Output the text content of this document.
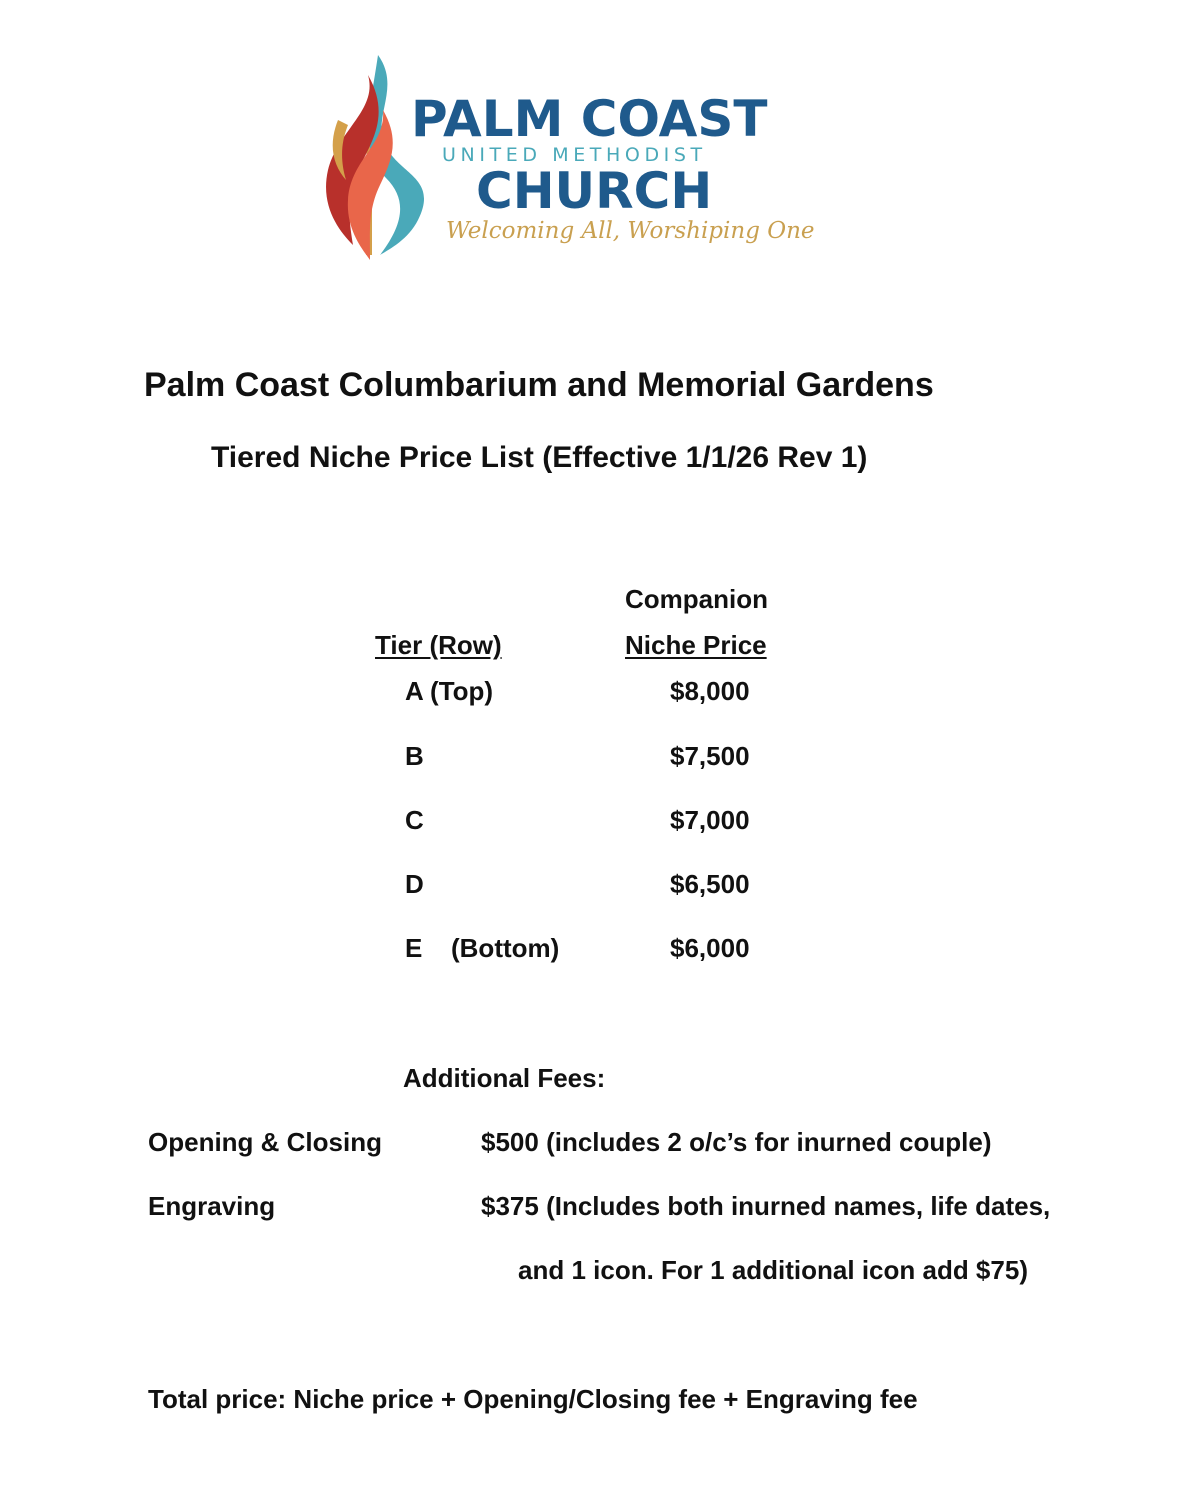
PALM COAST
UNITED METHODIST
CHURCH
Welcoming All, Worshiping One
Palm Coast Columbarium and Memorial Gardens
Tiered Niche Price List (Effective 1/1/26 Rev 1)
Companion
Tier (Row)	Niche Price
A (Top)	$8,000
B	$7,500
C	$7,000
D	$6,500
E (Bottom)	$6,000
Additional Fees:
Opening & Closing	$500 (includes 2 o/c’s for inurned couple)
Engraving	$375 (Includes both inurned names, life dates,
and 1 icon. For 1 additional icon add $75)
Total price: Niche price + Opening/Closing fee + Engraving fee
